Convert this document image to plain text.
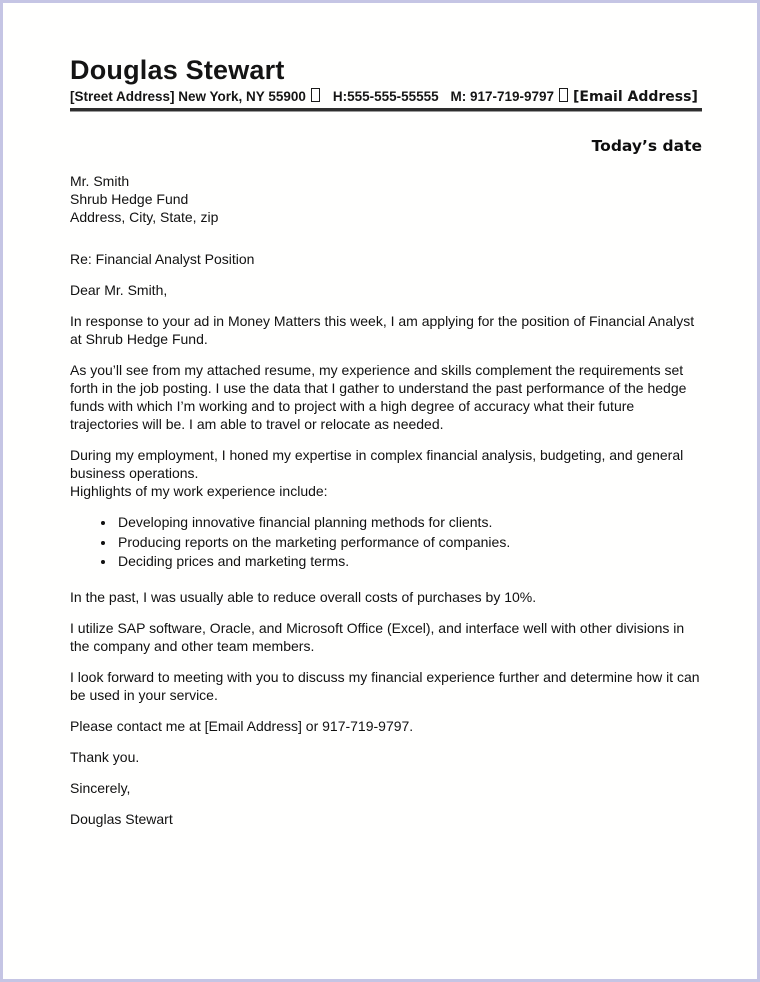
Douglas Stewart

[Street Address] New York, NY 55900 H:555-555-55555 M: 917-719-9797 [Email Address]

Today’s date

Mr. Smith
Shrub Hedge Fund
Address, City, State, zip

Re: Financial Analyst Position

Dear Mr. Smith,

In response to your ad in Money Matters this week, I am applying for the position of Financial Analyst at Shrub Hedge Fund.

As you’ll see from my attached resume, my experience and skills complement the requirements set forth in the job posting. I use the data that I gather to understand the past performance of the hedge funds with which I’m working and to project with a high degree of accuracy what their future trajectories will be. I am able to travel or relocate as needed.

During my employment, I honed my expertise in complex financial analysis, budgeting, and general business operations.
Highlights of my work experience include:
• Developing innovative financial planning methods for clients.
• Producing reports on the marketing performance of companies.
• Deciding prices and marketing terms.

In the past, I was usually able to reduce overall costs of purchases by 10%.

I utilize SAP software, Oracle, and Microsoft Office (Excel), and interface well with other divisions in the company and other team members.

I look forward to meeting with you to discuss my financial experience further and determine how it can be used in your service.

Please contact me at [Email Address] or 917-719-9797.

Thank you.

Sincerely,

Douglas Stewart
